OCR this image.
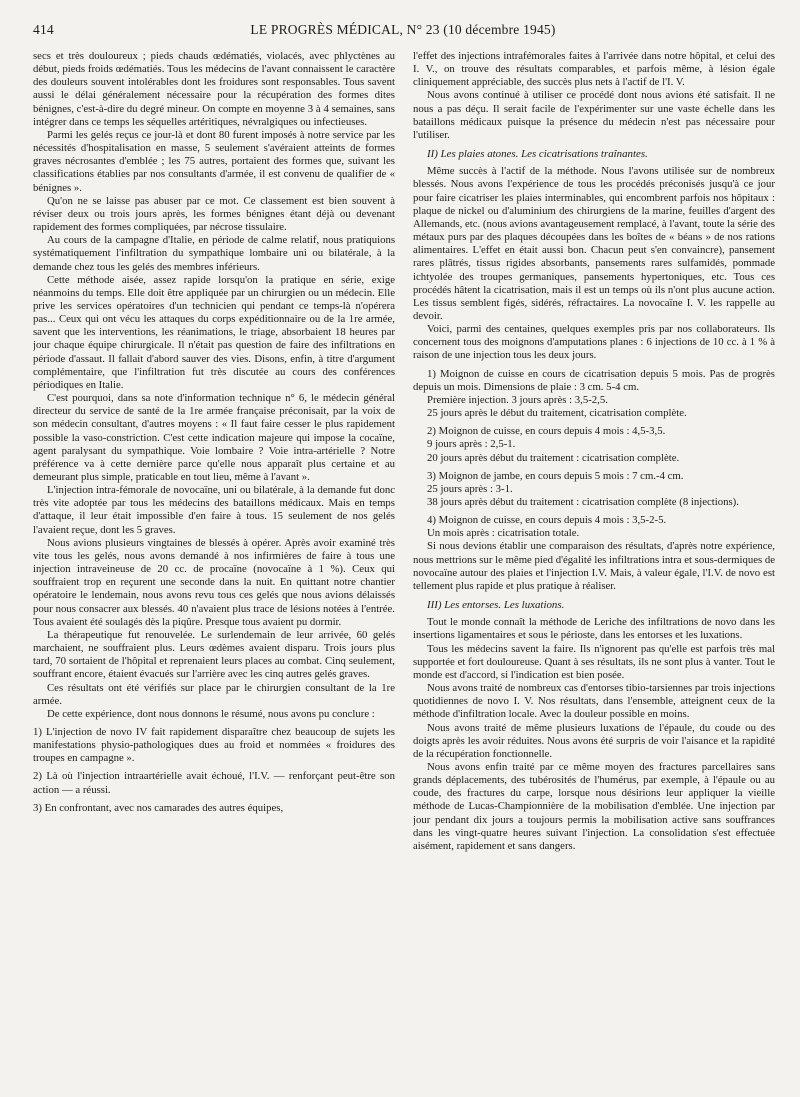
414	LE PROGRÈS MÉDICAL, N° 23 (10 décembre 1945)

secs et très douloureux ; pieds chauds œdématiés, violacés, avec phlyctènes au début, pieds froids œdématiés. Tous les médecins de l'avant connaissent le caractère des douleurs souvent intolérables dont les froidures sont responsables. Tous savent aussi le délai généralement nécessaire pour la récupération des formes dites bénignes, c'est-à-dire du degré mineur. On compte en moyenne 3 à 4 semaines, sans intégrer dans ce temps les séquelles artéritiques, névralgiques ou infectieuses.

Parmi les gelés reçus ce jour-là et dont 80 furent imposés à notre service par les nécessités d'hospitalisation en masse, 5 seulement s'avéraient atteints de formes graves nécrosantes d'emblée ; les 75 autres, portaient des formes que, suivant les classifications établies par nos consultants d'armée, il est convenu de qualifier de « bénignes ».

Qu'on ne se laisse pas abuser par ce mot. Ce classement est bien souvent à réviser deux ou trois jours après, les formes bénignes étant déjà ou devenant rapidement des formes compliquées, par nécrose tissulaire.

Au cours de la campagne d'Italie, en période de calme relatif, nous pratiquions systématiquement l'infiltration du sympathique lombaire uni ou bilatérale, à la demande chez tous les gelés des membres inférieurs.

Cette méthode aisée, assez rapide lorsqu'on la pratique en série, exige néanmoins du temps. Elle doit être appliquée par un chirurgien ou un médecin. Elle prive les services opératoires d'un technicien qui pendant ce temps-là n'opérera pas... Ceux qui ont vécu les attaques du corps expéditionnaire ou de la 1re armée, savent que les interventions, les réanimations, le triage, absorbaient 18 heures par jour chaque équipe chirurgicale. Il n'était pas question de faire des infiltrations en période d'assaut. Il fallait d'abord sauver des vies. Disons, enfin, à titre d'argument complémentaire, que l'infiltration fut très discutée au cours des conférences périodiques en Italie.

C'est pourquoi, dans sa note d'information technique n° 6, le médecin général directeur du service de santé de la 1re armée française préconisait, par la voix de son médecin consultant, d'autres moyens : « Il faut faire cesser le plus rapidement possible la vaso-constriction. C'est cette indication majeure qui impose la cocaïne, agent paralysant du sympathique. Voie lombaire ? Voie intra-artérielle ? Notre préférence va à cette dernière parce qu'elle nous apparaît plus certaine et au demeurant plus simple, praticable en tout lieu, même à l'avant ».

L'injection intra-fémorale de novocaïne, uni ou bilatérale, à la demande fut donc très vite adoptée par tous les médecins des bataillons médicaux. Mais en temps d'attaque, il leur était impossible d'en faire à tous. 15 seulement de nos gelés l'avaient reçue, dont les 5 graves.

Nous avions plusieurs vingtaines de blessés à opérer. Après avoir examiné très vite tous les gelés, nous avons demandé à nos infirmières de faire à tous une injection intraveineuse de 20 cc. de procaïne (novocaïne à 1 %). Ceux qui souffraient trop en reçurent une seconde dans la nuit. En quittant notre chantier opératoire le lendemain, nous avons revu tous ces gelés que nous avions délaissés pour nous consacrer aux blessés. 40 n'avaient plus trace de lésions notées à l'entrée. Tous avaient été soulagés dès la piqûre. Presque tous avaient pu dormir.

La thérapeutique fut renouvelée. Le surlendemain de leur arrivée, 60 gelés marchaient, ne souffraient plus. Leurs œdèmes avaient disparu. Trois jours plus tard, 70 sortaient de l'hôpital et reprenaient leurs places au combat. Cinq seulement, souffrant encore, étaient évacués sur l'arrière avec les cinq autres gelés graves.

Ces résultats ont été vérifiés sur place par le chirurgien consultant de la 1re armée.

De cette expérience, dont nous donnons le résumé, nous avons pu conclure :

1) L'injection de novo IV fait rapidement disparaître chez beaucoup de sujets les manifestations physio-pathologiques dues au froid et nommées « froidures des troupes en campagne ».

2) Là où l'injection intraartérielle avait échoué, l'I.V. — renforçant peut-être son action — a réussi.

3) En confrontant, avec nos camarades des autres équipes,

l'effet des injections intrafémorales faites à l'arrivée dans notre hôpital, et celui des I. V., on trouve des résultats comparables, et parfois même, à lésion égale cliniquement appréciable, des succès plus nets à l'actif de l'I. V.

Nous avons continué à utiliser ce procédé dont nous avions été satisfait. Il ne nous a pas déçu. Il serait facile de l'expérimenter sur une vaste échelle dans les bataillons médicaux puisque la présence du médecin n'est pas nécessaire pour l'utiliser.

II) Les plaies atones. Les cicatrisations traînantes.

Même succès à l'actif de la méthode. Nous l'avons utilisée sur de nombreux blessés. Nous avons l'expérience de tous les procédés préconisés jusqu'à ce jour pour faire cicatriser les plaies interminables, qui encombrent parfois nos hôpitaux : plaque de nickel ou d'aluminium des chirurgiens de la marine, feuilles d'argent des Allemands, etc. (nous avions avantageusement remplacé, à l'avant, toute la série des métaux purs par des plaques découpées dans les boîtes de « béans » de nos rations alimentaires. L'effet en était aussi bon. Chacun peut s'en convaincre), pansement rares plâtrés, tissus rigides absorbants, pansements rares sulfamidés, pommade ichtyolée des troupes germaniques, pansements hypertoniques, etc. Tous ces procédés hâtent la cicatrisation, mais il est un temps où ils n'ont plus aucune action. Les tissus semblent figés, sidérés, réfractaires. La novocaïne I. V. les rappelle au devoir.

Voici, parmi des centaines, quelques exemples pris par nos collaborateurs. Ils concernent tous des moignons d'amputations planes : 6 injections de 10 cc. à 1 % à raison de une injection tous les deux jours.

1) Moignon de cuisse en cours de cicatrisation depuis 5 mois. Pas de progrès depuis un mois. Dimensions de plaie : 3 cm. 5-4 cm.

Première injection. 3 jours après : 3,5-2,5.

25 jours après le début du traitement, cicatrisation complète.

2) Moignon de cuisse, en cours depuis 4 mois : 4,5-3,5.

9 jours après : 2,5-1.

20 jours après début du traitement : cicatrisation complète.

3) Moignon de jambe, en cours depuis 5 mois : 7 cm.-4 cm.

25 jours après : 3-1.

38 jours après début du traitement : cicatrisation complète (8 injections).

4) Moignon de cuisse, en cours depuis 4 mois : 3,5-2-5.

Un mois après : cicatrisation totale.

Si nous devions établir une comparaison des résultats, d'après notre expérience, nous mettrions sur le même pied d'égalité les infiltrations intra et sous-dermiques de novocaïne autour des plaies et l'injection I.V. Mais, à valeur égale, l'I.V. de novo est tellement plus rapide et plus pratique à réaliser.

III) Les entorses. Les luxations.

Tout le monde connaît la méthode de Leriche des infiltrations de novo dans les insertions ligamentaires et sous le périoste, dans les entorses et les luxations.

Tous les médecins savent la faire. Ils n'ignorent pas qu'elle est parfois très mal supportée et fort douloureuse. Quant à ses résultats, ils ne sont plus à vanter. Tout le monde est d'accord, si l'indication est bien posée.

Nous avons traité de nombreux cas d'entorses tibio-tarsiennes par trois injections quotidiennes de novo I. V. Nos résultats, dans l'ensemble, atteignent ceux de la méthode d'infiltration locale. Avec la douleur possible en moins.

Nous avons traité de même plusieurs luxations de l'épaule, du coude ou des doigts après les avoir réduites. Nous avons été surpris de voir l'aisance et la rapidité de la récupération fonctionnelle.

Nous avons enfin traité par ce même moyen des fractures parcellaires sans grands déplacements, des tubérosités de l'humérus, par exemple, à l'épaule ou au coude, des fractures du carpe, lorsque nous désirions leur appliquer la vieille méthode de Lucas-Championnière de la mobilisation d'emblée. Une injection par jour pendant dix jours a toujours permis la mobilisation active sans souffrances dans les vingt-quatre heures suivant l'injection. La consolidation s'est effectuée aisément, rapidement et sans dangers.
